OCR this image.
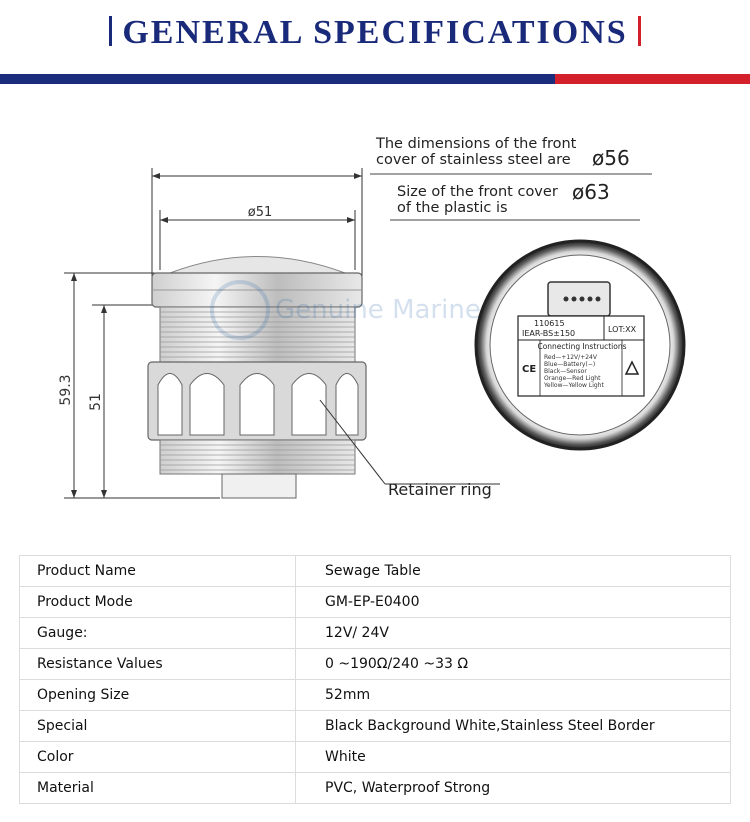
GENERAL SPECIFICATIONS
ø51
59.3 51
Genuine Marine	110615
IEAR-BS±150	LOT:XX
Connecting Instructions
Red—+12V/+24V
Blue—Battery(−)
Black—Sensor
Orange—Red Light
Yellow—Yellow Light
CE
The dimensions of the front cover of stainless steel are	ø56
Size of the front cover of the plastic is
ø63
Retainer ring
Product Name	Sewage Table
Product Mode	GM-EP-E0400
Gauge:	12V/ 24V
Resistance Values	0 ~190Ω/240 ~33 Ω
Opening Size	52mm
Special	Black Background White,Stainless Steel Border
Color	White
Material	PVC, Waterproof Strong
